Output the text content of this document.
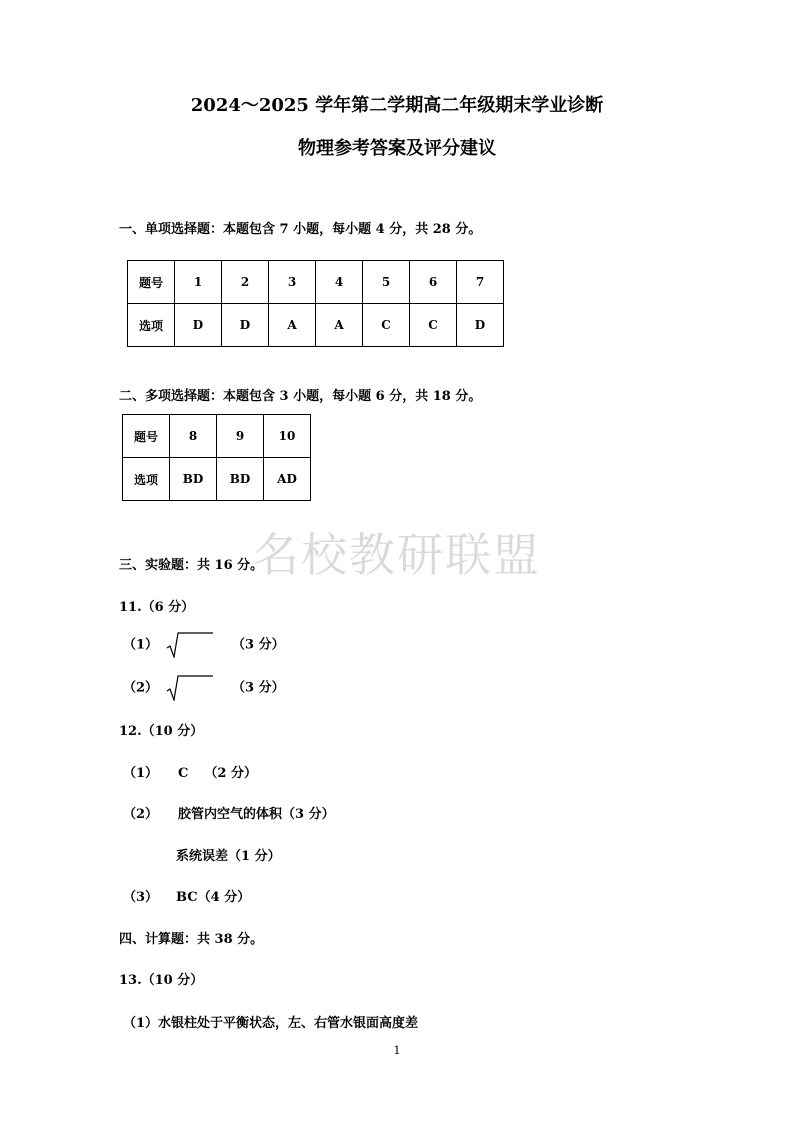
2024～2025 学年第二学期高二年级期末学业诊断
物理参考答案及评分建议
一、单项选择题：本题包含 7 小题，每小题 4 分，共 28 分。
题号	1	2	3	4	5	6	7
选项	D	D	A	A	C	C	D
二、多项选择题：本题包含 3 小题，每小题 6 分，共 18 分。
题号	8	9	10
选项	BD	BD	AD
名校教研联盟
三、实验题：共 16 分。
11.（6 分）
（1）	（3 分）
（2）	（3 分）
12.（10 分）
（1） C （2 分）
（2） 胶管内空气的体积（3 分）
系统误差（1 分）
（3） BC（4 分）
四、计算题：共 38 分。
13.（10 分）
（1）水银柱处于平衡状态，左、右管水银面高度差
1
